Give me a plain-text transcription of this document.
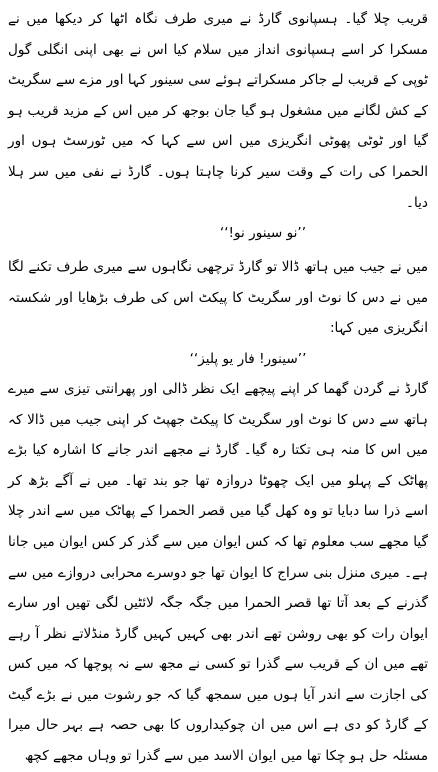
قریب چلا گیا۔ ہسپانوی گارڈ نے میری طرف نگاہ اٹھا کر دیکھا میں نے مسکرا کر اسے ہسپانوی انداز میں سلام کیا اس نے بھی اپنی انگلی گول ٹوپی کے قریب لے جاکر مسکراتے ہوئے سی سینور کہا اور مزے سے سگریٹ کے کش لگانے میں مشغول ہو گیا جان بوجھ کر میں اس کے مزید قریب ہو گیا اور ٹوٹی پھوٹی انگریزی میں اس سے کہا کہ میں ٹورسٹ ہوں اور الحمرا کی رات کے وقت سیر کرنا چاہتا ہوں۔ گارڈ نے نفی میں سر ہلا دیا۔

’’نو سینور نو!‘‘

میں نے جیب میں ہاتھ ڈالا تو گارڈ ترچھی نگاہوں سے میری طرف تکنے لگا میں نے دس کا نوٹ اور سگریٹ کا پیکٹ اس کی طرف بڑھایا اور شکستہ انگریزی میں کہا:

’’سینور! فار یو پلیز‘‘

گارڈ نے گردن گھما کر اپنے پیچھے ایک نظر ڈالی اور پھرانتی تیزی سے میرے ہاتھ سے دس کا نوٹ اور سگریٹ کا پیکٹ جھپٹ کر اپنی جیب میں ڈالا کہ میں اس کا منہ ہی تکتا رہ گیا۔ گارڈ نے مجھے اندر جانے کا اشارہ کیا بڑے پھاٹک کے پہلو میں ایک چھوٹا دروازہ تھا جو بند تھا۔ میں نے آگے بڑھ کر اسے ذرا سا دبایا تو وہ کھل گیا میں قصر الحمرا کے پھاٹک میں سے اندر چلا گیا مجھے سب معلوم تھا کہ کس ایوان میں سے گذر کر کس ایوان میں جانا ہے۔ میری منزل بنی سراج کا ایوان تھا جو دوسرے محرابی دروازے میں سے گذرنے کے بعد آتا تھا قصر الحمرا میں جگہ جگہ لائٹیں لگی تھیں اور سارے ایوان رات کو بھی روشن تھے اندر بھی کہیں کہیں گارڈ منڈلاتے نظر آ رہے تھے میں ان کے قریب سے گذرا تو کسی نے مجھ سے نہ پوچھا کہ میں کس کی اجازت سے اندر آیا ہوں میں سمجھ گیا کہ جو رشوت میں نے بڑے گیٹ کے گارڈ کو دی ہے اس میں ان چوکیداروں کا بھی حصہ ہے بہر حال میرا مسئلہ حل ہو چکا تھا میں ایوان الاسد میں سے گذرا تو وہاں مجھے کچھ
